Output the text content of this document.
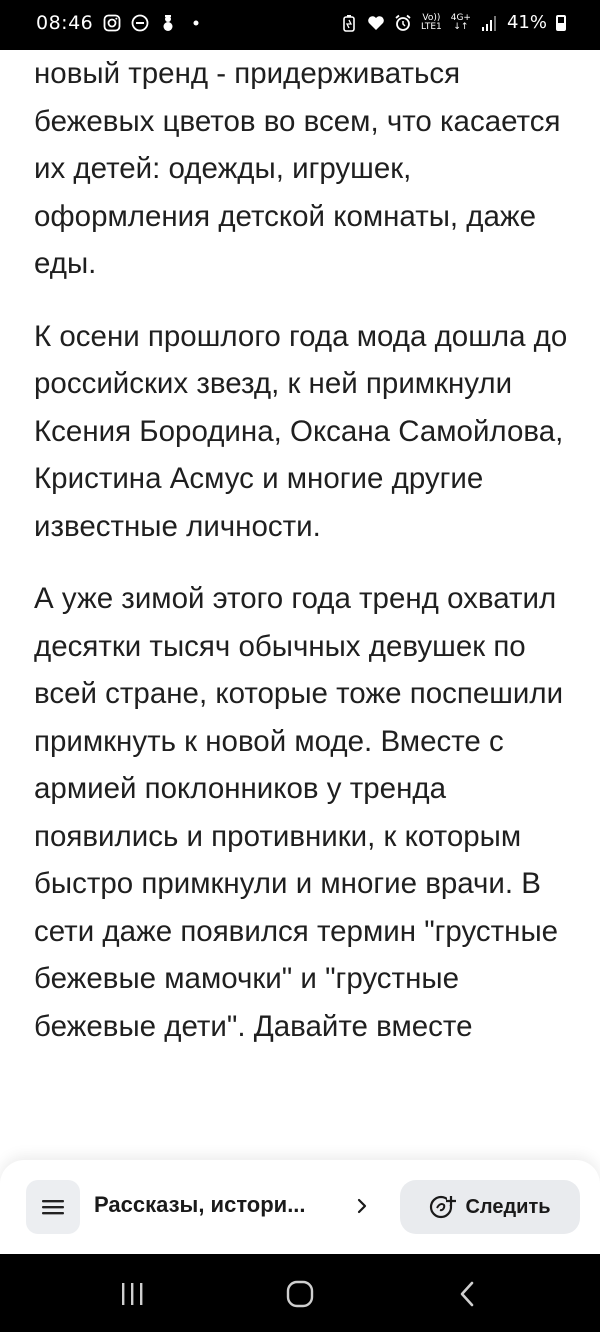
08:46	Vo))
LTE1
4G+
↓↑ 41%

новый тренд - придерживаться бежевых цветов во всем, что касается их детей: одежды, игрушек, оформления детской комнаты, даже еды.

К осени прошлого года мода дошла до российских звезд, к ней примкнули Ксения Бородина, Оксана Самойлова, Кристина Асмус и многие другие известные личности.

А уже зимой этого года тренд охватил десятки тысяч обычных девушек по всей стране, которые тоже поспешили примкнуть к новой моде. Вместе с армией поклонников у тренда появились и противники, к которым быстро примкнули и многие врачи. В сети даже появился термин "грустные бежевые мамочки" и "грустные бежевые дети". Давайте вместе

Рассказы, истори...	Следить
